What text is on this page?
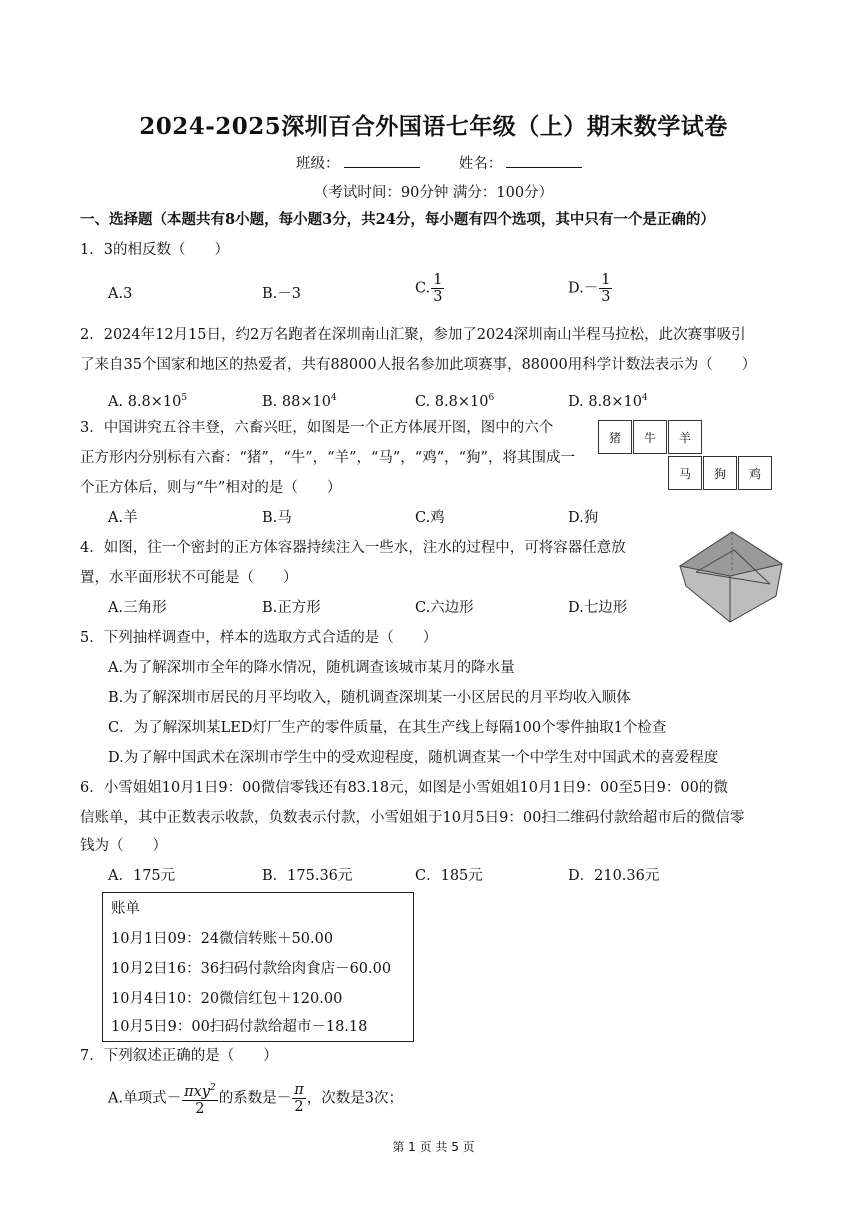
2024-2025深圳百合外国语七年级（上）期末数学试卷
班级：	姓名：
（考试时间：90分钟 满分：100分）
一、选择题（本题共有8小题，每小题3分，共24分，每小题有四个选项，其中只有一个是正确的）
1．3的相反数（　　）
A.3	B.－3	C. $\frac{1}{3}$	$D.- \frac{1}{3}$
2．2024年12月15日，约2万名跑者在深圳南山汇聚，参加了2024深圳南山半程马拉松，此次赛事吸引
了来自35个国家和地区的热爱者，共有88000人报名参加此项赛事，88000用科学计数法表示为（　　）
A. $8.8\times 10^5$	B. $88\times 10^4$	C. $8.8\times 10^6$	D. $8.8\times 10^4$
3．中国讲究五谷丰登，六畜兴旺，如图是一个正方体展开图，图中的六个
正方形内分别标有六畜：“猪”，“牛”，“羊”，“马”，“鸡”，“狗”，将其围成一
个正方体后，则与“牛”相对的是（　　）
A.羊	B.马	C.鸡	D.狗
猪	牛	羊
马	狗	鸡
4．如图，往一个密封的正方体容器持续注入一些水，注水的过程中，可将容器任意放
置，水平面形状不可能是（　　）
A.三角形	B.正方形	C.六边形	D.七边形
5．下列抽样调查中，样本的选取方式合适的是（　　）
A.为了解深圳市全年的降水情况，随机调查该城市某月的降水量
B.为了解深圳市居民的月平均收入，随机调查深圳某一小区居民的月平均收入顺体
C．为了解深圳某LED灯厂生产的零件质量，在其生产线上每隔100个零件抽取1个检查
D.为了解中国武术在深圳市学生中的受欢迎程度，随机调查某一个中学生对中国武术的喜爱程度
6．小雪姐姐10月1日9：00微信零钱还有83.18元，如图是小雪姐姐10月1日9：00至5日9：00的微
信账单，其中正数表示收款，负数表示付款，小雪姐姐于10月5日9：00扫二维码付款给超市后的微信零
钱为（　　）
A．175元	B．175.36元	C．185元	D．210.36元
账单
10月1日09：24微信转账＋50.00
10月2日16：36扫码付款给肉食店－60.00
10月4日10：20微信红包＋120.00
10月5日9：00扫码付款给超市－18.18
7．下列叙述正确的是（　　）
A.单项式－ $\frac{\pi xy^2}{2}$ 的系数是－ $\frac{\pi}{2}$ ，次数是3次；
第 1 页 共 5 页
